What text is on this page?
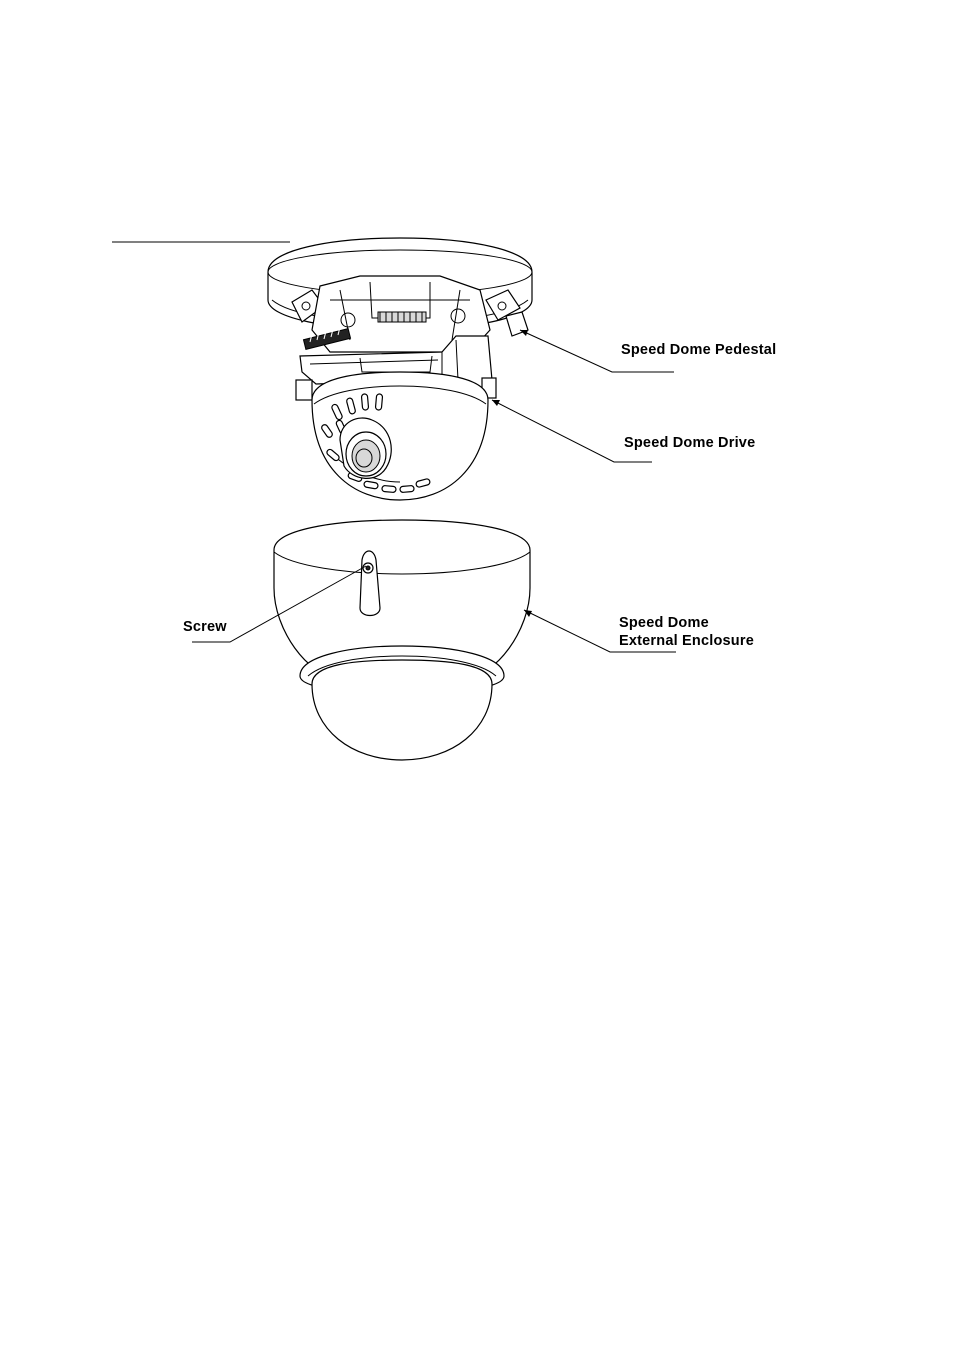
Speed Dome Pedestal
Speed Dome Drive
Screw	Speed Dome
External Enclosure
